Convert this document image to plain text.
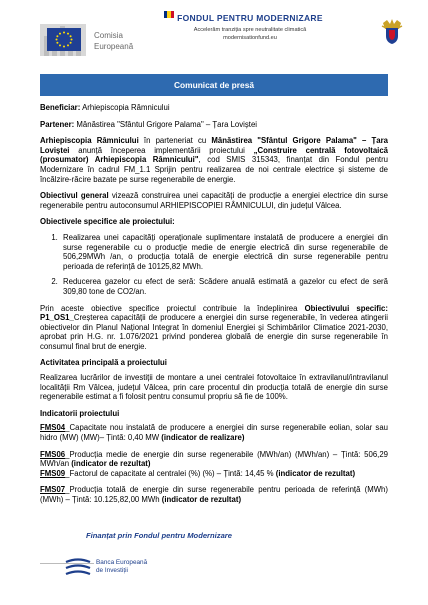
Comisia
Europeană
FONDUL PENTRU MODERNIZARE
Accelerăm tranziția spre neutralitate climatică
modernisationfund.eu
Comunicat de presă

Beneficiar: Arhiepiscopia Râmnicului

Partener: Mânăstirea "Sfântul Grigore Palama" – Țara Loviștei

Arhiepiscopia Râmnicului în parteneriat cu Mânăstirea "Sfântul Grigore Palama" – Țara Loviștei anunță începerea implementării proiectului „Construire centrală fotovoltaică (prosumator) Arhiepiscopia Râmnicului", cod SMIS 315343, finanțat din Fondul pentru Modernizare în cadrul FM_1.1 Sprijin pentru realizarea de noi centrale electrice și sisteme de încălzire-răcire bazate pe surse regenerabile de energie.

Obiectivul general vizează construirea unei capacități de producție a energiei electrice din surse regenerabile pentru autoconsumul ARHIEPISCOPIEI RÂMNICULUI, din județul Vâlcea.

Obiectivele specifice ale proiectului:

1. Realizarea unei capacități operaționale suplimentare instalată de producere a energiei din surse regenerabile cu o producție medie de energie electrică din surse regenerabile de 506,29MWh /an, o producția totală de energie electrică din surse regenerabile pentru perioada de referință de 10125,82 MWh.
2. Reducerea gazelor cu efect de seră: Scădere anuală estimată a gazelor cu efect de seră 309,80 tone de CO2/an.

Prin aceste obiective specifice proiectul contribuie la îndeplinirea Obiectivului specific: P1_OS1_Creșterea capacității de producere a energiei din surse regenerabile, în vederea atingerii obiectivelor din Planul Național Integrat în domeniul Energiei și Schimbărilor Climatice 2021-2030, aprobat prin H.G. nr. 1.076/2021 privind ponderea globală de energie din surse regenerabile în consumul final brut de energie.

Activitatea principală a proiectului

Realizarea lucrărilor de investiții de montare a unei centralei fotovoltaice în extravilanul/intravilanul localității Rm Vâlcea, județul Vâlcea, prin care procentul din producția totală de energie din surse regenerabile estimat a fi folosit pentru consumul propriu să fie de 100%.

Indicatorii proiectului

FMS04_Capacitate nou instalată de producere a energiei din surse regenerabile eolian, solar sau hidro (MW) (MW)– Țintă: 0,40 MW (indicator de realizare)
FMS06_Producția medie de energie din surse regenerabile (MWh/an) (MWh/an) – Țintă: 506,29 MWh/an (indicator de rezultat)
FMS09_Factorul de capacitate al centralei (%) (%) – Țintă: 14,45 % (indicator de rezultat)
FMS07_Producția totală de energie din surse regenerabile pentru perioada de referință (MWh) (MWh) – Țintă: 10.125,82,00 MWh (indicator de rezultat)
Finanțat prin Fondul pentru Modernizare
Banca Europeană
de Investiții
